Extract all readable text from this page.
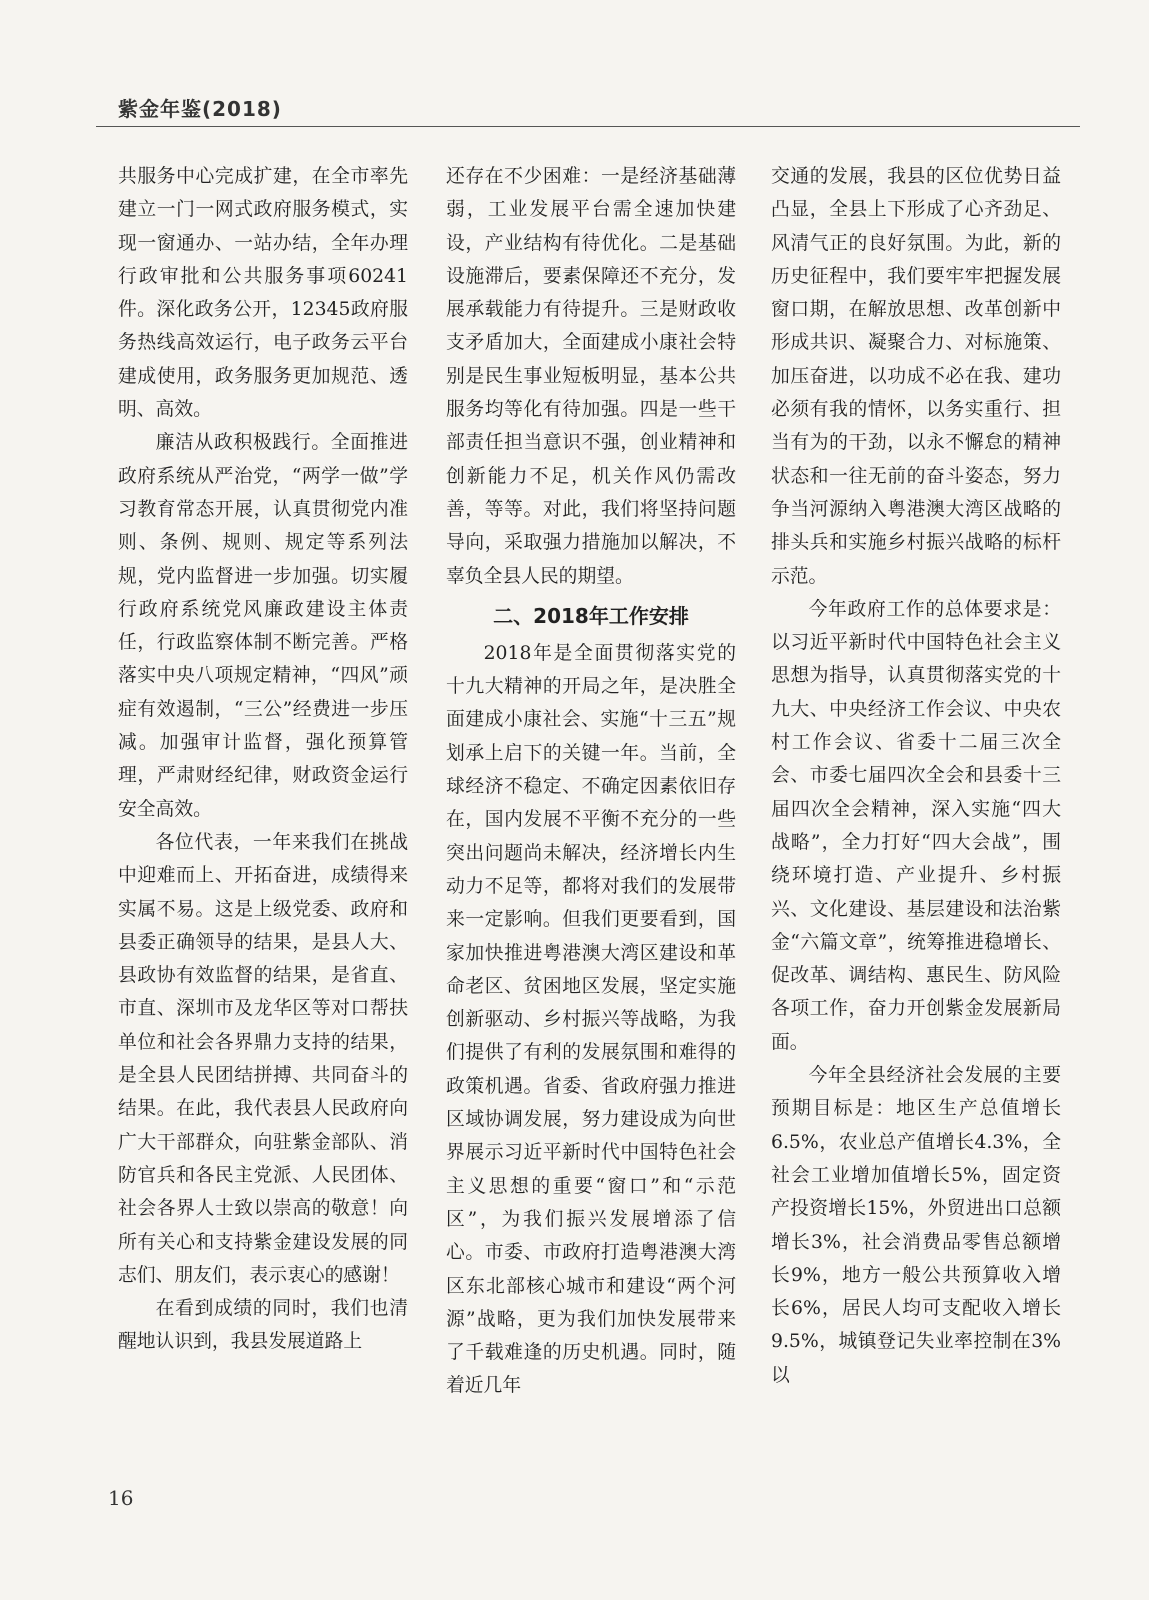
紫金年鉴(2018)

共服务中心完成扩建，在全市率先建立一门一网式政府服务模式，实现一窗通办、一站办结，全年办理行政审批和公共服务事项60241件。深化政务公开，12345政府服务热线高效运行，电子政务云平台建成使用，政务服务更加规范、透明、高效。

廉洁从政积极践行。全面推进政府系统从严治党，“两学一做”学习教育常态开展，认真贯彻党内准则、条例、规则、规定等系列法规，党内监督进一步加强。切实履行政府系统党风廉政建设主体责任，行政监察体制不断完善。严格落实中央八项规定精神，“四风”顽症有效遏制，“三公”经费进一步压减。加强审计监督，强化预算管理，严肃财经纪律，财政资金运行安全高效。

各位代表，一年来我们在挑战中迎难而上、开拓奋进，成绩得来实属不易。这是上级党委、政府和县委正确领导的结果，是县人大、县政协有效监督的结果，是省直、市直、深圳市及龙华区等对口帮扶单位和社会各界鼎力支持的结果，是全县人民团结拼搏、共同奋斗的结果。在此，我代表县人民政府向广大干部群众，向驻紫金部队、消防官兵和各民主党派、人民团体、社会各界人士致以崇高的敬意！向所有关心和支持紫金建设发展的同志们、朋友们，表示衷心的感谢！

在看到成绩的同时，我们也清醒地认识到，我县发展道路上

还存在不少困难：一是经济基础薄弱，工业发展平台需全速加快建设，产业结构有待优化。二是基础设施滞后，要素保障还不充分，发展承载能力有待提升。三是财政收支矛盾加大，全面建成小康社会特别是民生事业短板明显，基本公共服务均等化有待加强。四是一些干部责任担当意识不强，创业精神和创新能力不足，机关作风仍需改善，等等。对此，我们将坚持问题导向，采取强力措施加以解决，不辜负全县人民的期望。

二、2018年工作安排

2018年是全面贯彻落实党的十九大精神的开局之年，是决胜全面建成小康社会、实施“十三五”规划承上启下的关键一年。当前，全球经济不稳定、不确定因素依旧存在，国内发展不平衡不充分的一些突出问题尚未解决，经济增长内生动力不足等，都将对我们的发展带来一定影响。但我们更要看到，国家加快推进粤港澳大湾区建设和革命老区、贫困地区发展，坚定实施创新驱动、乡村振兴等战略，为我们提供了有利的发展氛围和难得的政策机遇。省委、省政府强力推进区域协调发展，努力建设成为向世界展示习近平新时代中国特色社会主义思想的重要“窗口”和“示范区”，为我们振兴发展增添了信心。市委、市政府打造粤港澳大湾区东北部核心城市和建设“两个河源”战略，更为我们加快发展带来了千载难逢的历史机遇。同时，随着近几年

交通的发展，我县的区位优势日益凸显，全县上下形成了心齐劲足、风清气正的良好氛围。为此，新的历史征程中，我们要牢牢把握发展窗口期，在解放思想、改革创新中形成共识、凝聚合力、对标施策、加压奋进，以功成不必在我、建功必须有我的情怀，以务实重行、担当有为的干劲，以永不懈怠的精神状态和一往无前的奋斗姿态，努力争当河源纳入粤港澳大湾区战略的排头兵和实施乡村振兴战略的标杆示范。

今年政府工作的总体要求是：以习近平新时代中国特色社会主义思想为指导，认真贯彻落实党的十九大、中央经济工作会议、中央农村工作会议、省委十二届三次全会、市委七届四次全会和县委十三届四次全会精神，深入实施“四大战略”，全力打好“四大会战”，围绕环境打造、产业提升、乡村振兴、文化建设、基层建设和法治紫金“六篇文章”，统筹推进稳增长、促改革、调结构、惠民生、防风险各项工作，奋力开创紫金发展新局面。

今年全县经济社会发展的主要预期目标是：地区生产总值增长6.5%，农业总产值增长4.3%，全社会工业增加值增长5%，固定资产投资增长15%，外贸进出口总额增长3%，社会消费品零售总额增长9%，地方一般公共预算收入增长6%，居民人均可支配收入增长9.5%，城镇登记失业率控制在3%以

16
